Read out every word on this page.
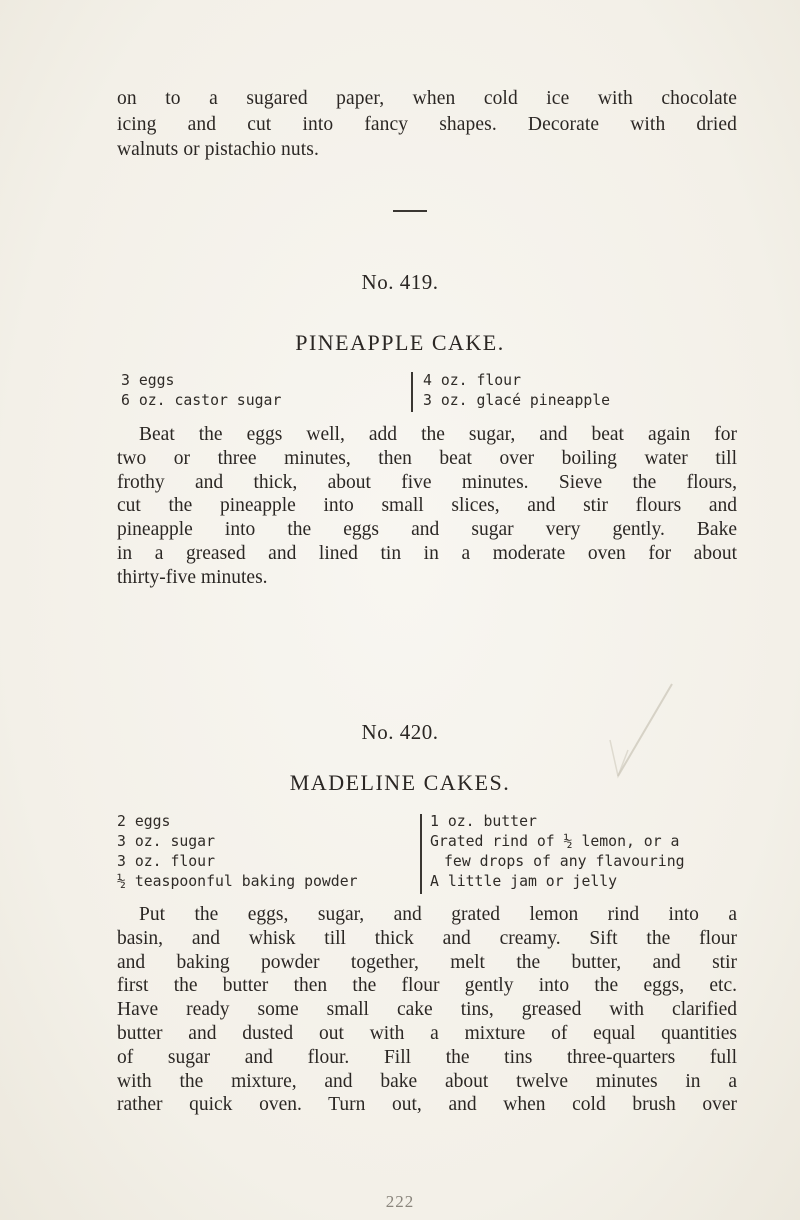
on to a sugared paper, when cold ice with chocolate
icing and cut into fancy shapes. Decorate with dried
walnuts or pistachio nuts.
No. 419.
PINEAPPLE CAKE.
3 eggs
6 oz. castor sugar
4 oz. flour
3 oz. glacé pineapple
Beat the eggs well, add the sugar, and beat again for
two or three minutes, then beat over boiling water till
frothy and thick, about five minutes. Sieve the flours,
cut the pineapple into small slices, and stir flours and
pineapple into the eggs and sugar very gently. Bake
in a greased and lined tin in a moderate oven for about
thirty-five minutes.
No. 420.
MADELINE CAKES.
2 eggs
3 oz. sugar
3 oz. flour
½ teaspoonful baking powder
1 oz. butter
Grated rind of ½ lemon, or a
few drops of any flavouring
A little jam or jelly
Put the eggs, sugar, and grated lemon rind into a
basin, and whisk till thick and creamy. Sift the flour
and baking powder together, melt the butter, and stir
first the butter then the flour gently into the eggs, etc.
Have ready some small cake tins, greased with clarified
butter and dusted out with a mixture of equal quantities
of sugar and flour. Fill the tins three-quarters full
with the mixture, and bake about twelve minutes in a
rather quick oven. Turn out, and when cold brush over
222
